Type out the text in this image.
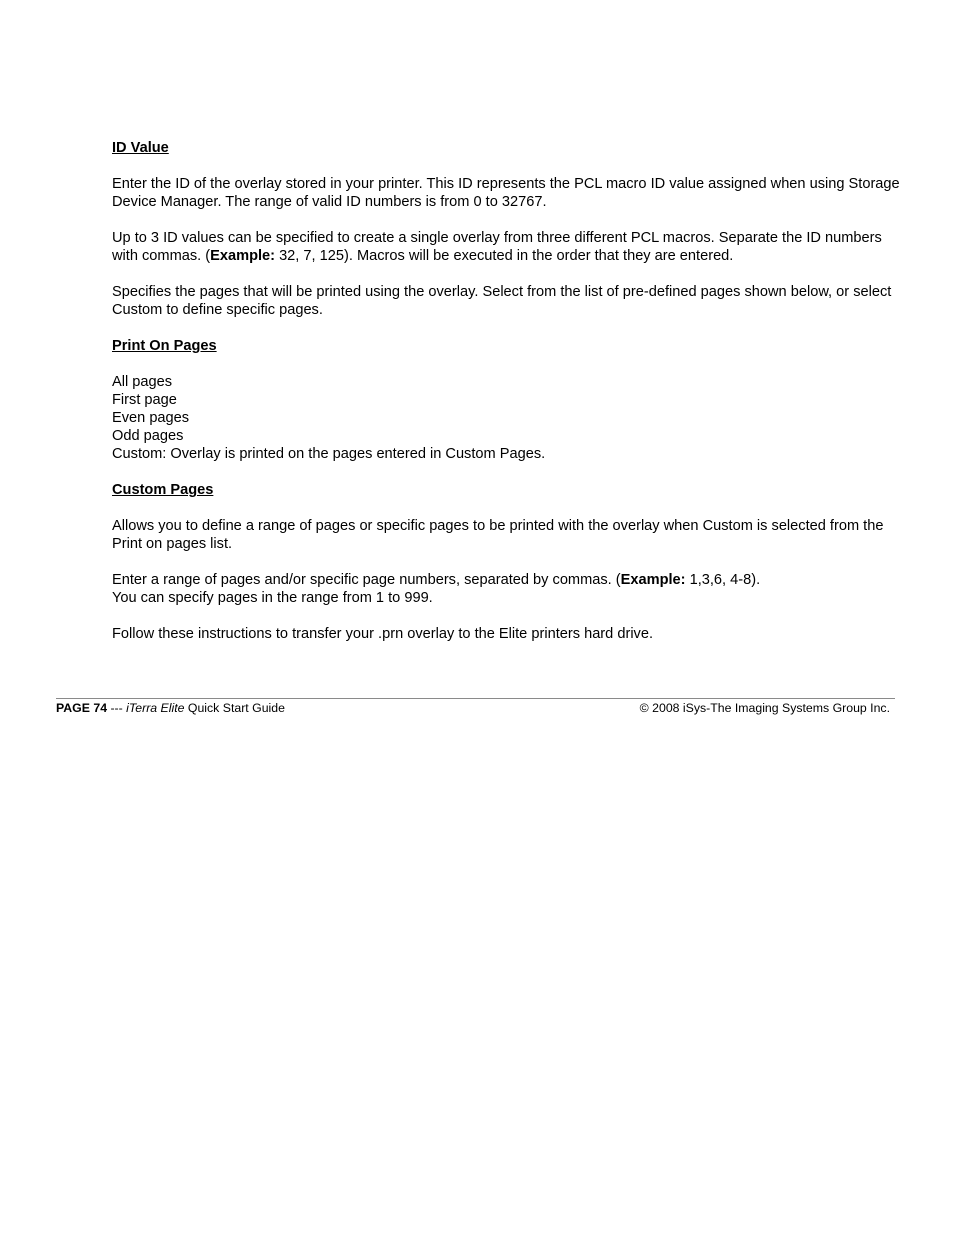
ID Value

Enter the ID of the overlay stored in your printer. This ID represents the PCL macro ID value assigned when using Storage Device Manager. The range of valid ID numbers is from 0 to 32767.

Up to 3 ID values can be specified to create a single overlay from three different PCL macros. Separate the ID numbers with commas. (Example: 32, 7, 125). Macros will be executed in the order that they are entered.

Specifies the pages that will be printed using the overlay. Select from the list of pre-defined pages shown below, or select Custom to define specific pages.

Print On Pages
All pages
First page
Even pages
Odd pages
Custom: Overlay is printed on the pages entered in Custom Pages.
Custom Pages

Allows you to define a range of pages or specific pages to be printed with the overlay when Custom is selected from the Print on pages list.

Enter a range of pages and/or specific page numbers, separated by commas. (Example: 1,3,6, 4-8).
You can specify pages in the range from 1 to 999.

Follow these instructions to transfer your .prn overlay to the Elite printers hard drive.

PAGE 74 --- iTerra Elite Quick Start Guide	© 2008 iSys-The Imaging Systems Group Inc.
